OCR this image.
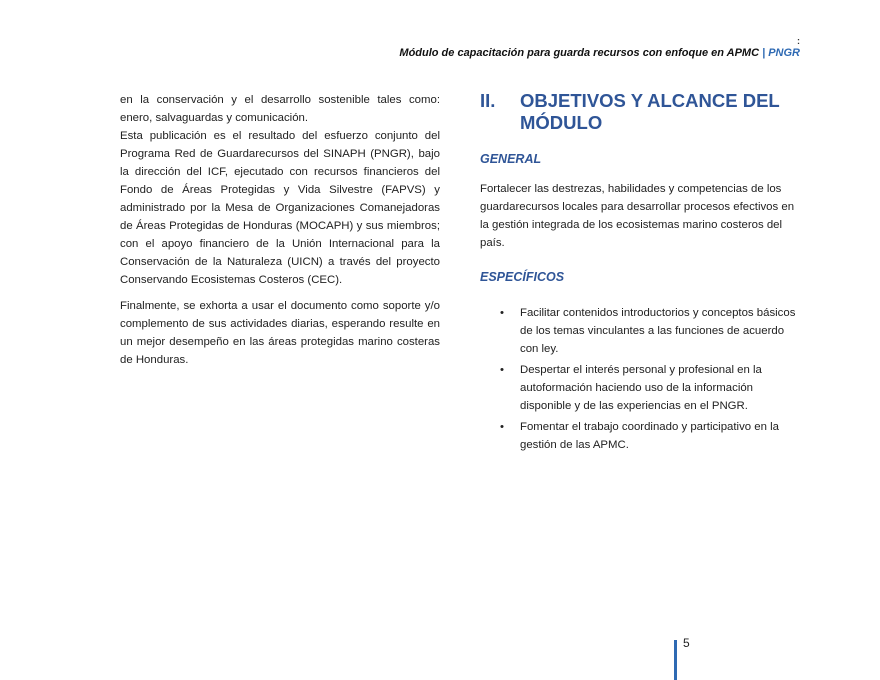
:
Módulo de capacitación para guarda recursos con enfoque en APMC | PNGR

en la conservación y el desarrollo sostenible tales como: enero, salvaguardas y comunicación.

Esta publicación es el resultado del esfuerzo conjunto del Programa Red de Guardarecursos del SINAPH (PNGR), bajo la dirección del ICF, ejecutado con recursos financieros del Fondo de Áreas Protegidas y Vida Silvestre (FAPVS) y administrado por la Mesa de Organizaciones Comanejadoras de Áreas Protegidas de Honduras (MOCAPH) y sus miembros; con el apoyo financiero de la Unión Internacional para la Conservación de la Naturaleza (UICN) a través del proyecto Conservando Ecosistemas Costeros (CEC).

Finalmente, se exhorta a usar el documento como soporte y/o complemento de sus actividades diarias, esperando resulte en un mejor desempeño en las áreas protegidas marino costeras de Honduras.

II.	OBJETIVOS Y ALCANCE DEL MÓDULO
GENERAL
Fortalecer las destrezas, habilidades y competencias de los guardarecursos locales para desarrollar procesos efectivos en la gestión integrada de los ecosistemas marino costeros del país.
ESPECÍFICOS
• Facilitar contenidos introductorios y conceptos básicos de los temas vinculantes a las funciones de acuerdo con ley.
• Despertar el interés personal y profesional en la autoformación haciendo uso de la información disponible y de las experiencias en el PNGR.
• Fomentar el trabajo coordinado y participativo en la gestión de las APMC.
5
